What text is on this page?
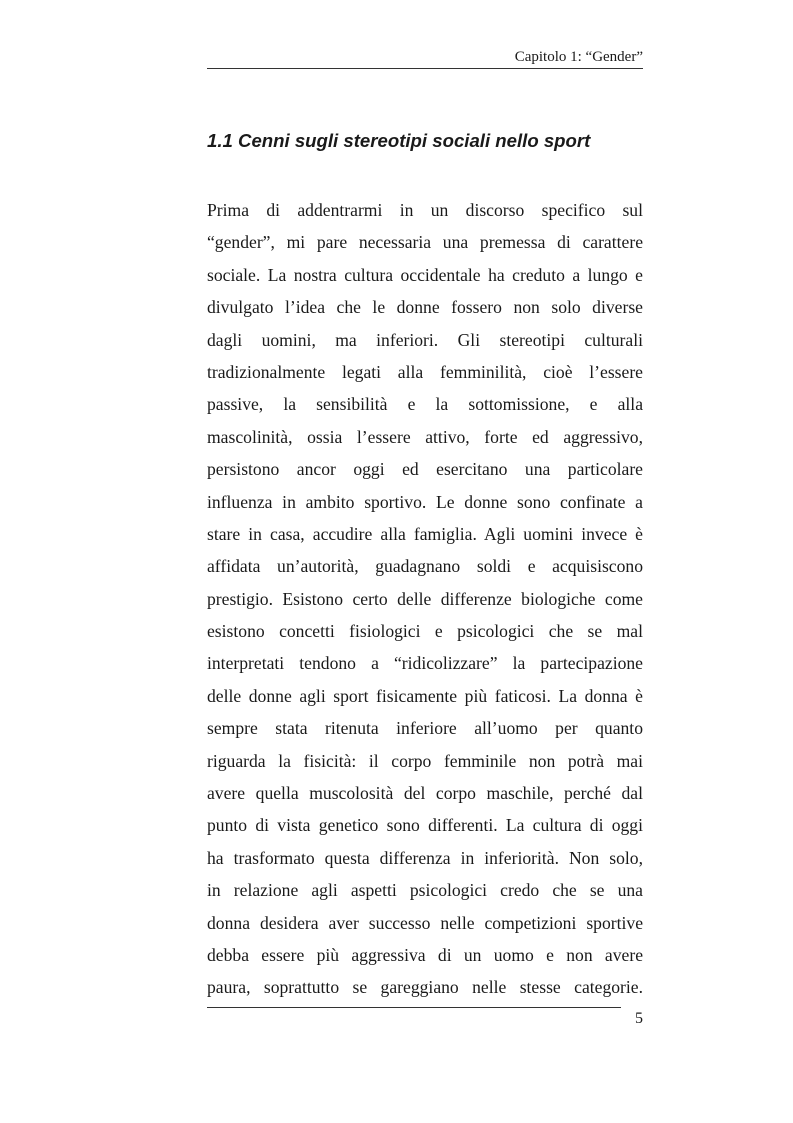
Capitolo 1: “Gender”
1.1 Cenni sugli stereotipi sociali nello sport
Prima di addentrarmi in un discorso specifico sul
“gender”, mi pare necessaria una premessa di carattere
sociale. La nostra cultura occidentale ha creduto a lungo e
divulgato l’idea che le donne fossero non solo diverse
dagli uomini, ma inferiori. Gli stereotipi culturali
tradizionalmente legati alla femminilità, cioè l’essere
passive, la sensibilità e la sottomissione, e alla
mascolinità, ossia l’essere attivo, forte ed aggressivo,
persistono ancor oggi ed esercitano una particolare
influenza in ambito sportivo. Le donne sono confinate a
stare in casa, accudire alla famiglia. Agli uomini invece è
affidata un’autorità, guadagnano soldi e acquisiscono
prestigio. Esistono certo delle differenze biologiche come
esistono concetti fisiologici e psicologici che se mal
interpretati tendono a “ridicolizzare” la partecipazione
delle donne agli sport fisicamente più faticosi. La donna è
sempre stata ritenuta inferiore all’uomo per quanto
riguarda la fisicità: il corpo femminile non potrà mai
avere quella muscolosità del corpo maschile, perché dal
punto di vista genetico sono differenti. La cultura di oggi
ha trasformato questa differenza in inferiorità. Non solo,
in relazione agli aspetti psicologici credo che se una
donna desidera aver successo nelle competizioni sportive
debba essere più aggressiva di un uomo e non avere
paura, soprattutto se gareggiano nelle stesse categorie.
5
